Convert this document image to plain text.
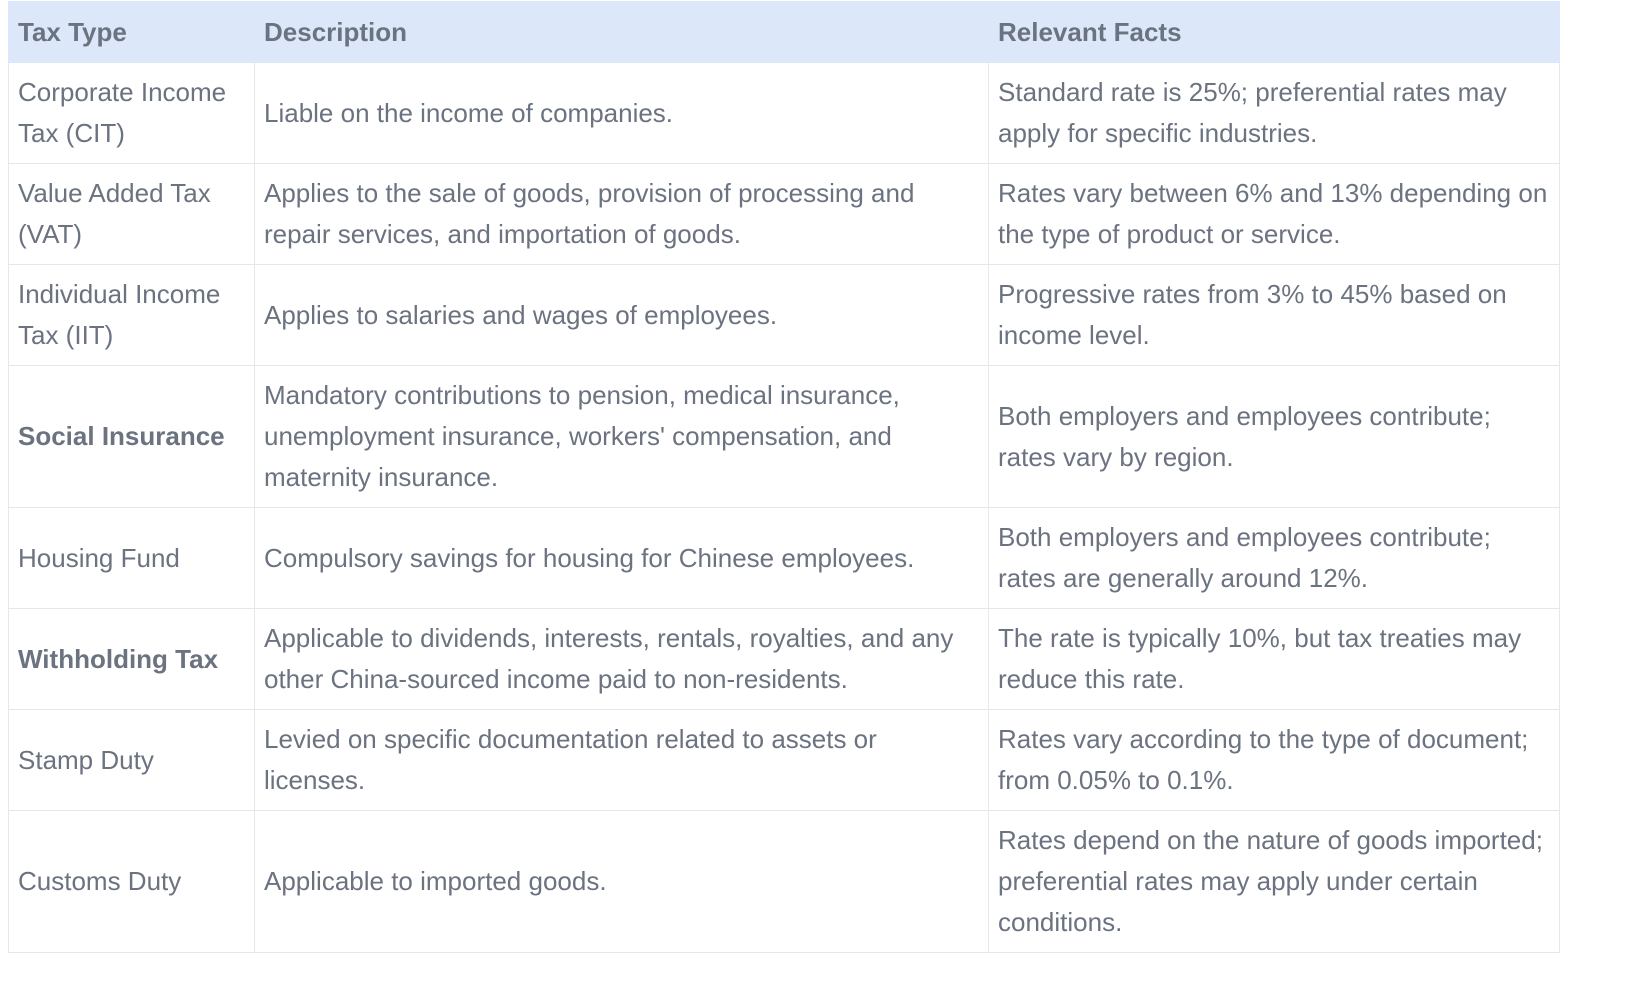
Tax Type	Description	Relevant Facts
Corporate Income Tax (CIT)	Liable on the income of companies.	Standard rate is 25%; preferential rates may apply for specific industries.
Value Added Tax (VAT)	Applies to the sale of goods, provision of processing and repair services, and importation of goods.	Rates vary between 6% and 13% depending on the type of product or service.
Individual Income Tax (IIT)	Applies to salaries and wages of employees.	Progressive rates from 3% to 45% based on income level.
Social Insurance	Mandatory contributions to pension, medical insurance, unemployment insurance, workers' compensation, and maternity insurance.	Both employers and employees contribute; rates vary by region.
Housing Fund	Compulsory savings for housing for Chinese employees.	Both employers and employees contribute; rates are generally around 12%.
Withholding Tax	Applicable to dividends, interests, rentals, royalties, and any other China-sourced income paid to non-residents.	The rate is typically 10%, but tax treaties may reduce this rate.
Stamp Duty	Levied on specific documentation related to assets or licenses.	Rates vary according to the type of document; from 0.05% to 0.1%.
Customs Duty	Applicable to imported goods.	Rates depend on the nature of goods imported; preferential rates may apply under certain conditions.
